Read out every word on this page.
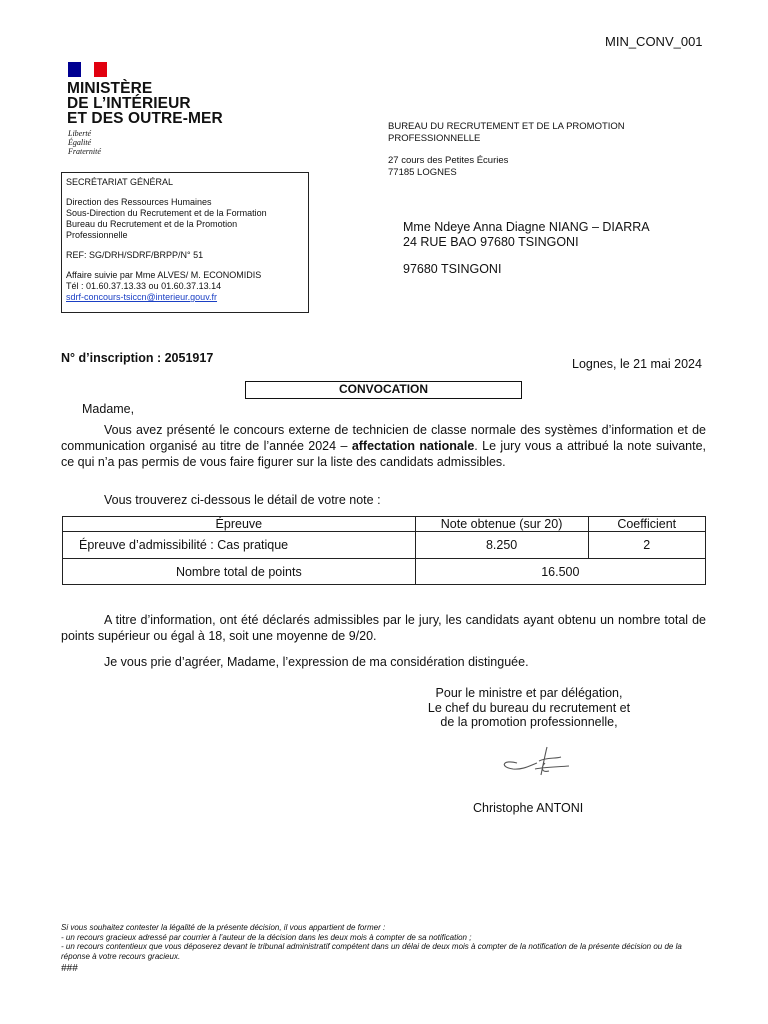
MIN_CONV_001
MINISTÈRE
DE L’INTÉRIEUR
ET DES OUTRE-MER
Liberté
Égalité
Fraternité
BUREAU DU RECRUTEMENT ET DE LA PROMOTION
PROFESSIONNELLE
27 cours des Petites Écuries
77185 LOGNES
SECRÉTARIAT GÉNÉRAL
Direction des Ressources Humaines
Sous-Direction du Recrutement et de la Formation
Bureau du Recrutement et de la Promotion
Professionnelle
REF: SG/DRH/SDRF/BRPP/N° 51
Affaire suivie par Mme ALVES/ M. ECONOMIDIS
Tél : 01.60.37.13.33 ou 01.60.37.13.14
sdrf-concours-tsiccn@interieur.gouv.fr
Mme Ndeye Anna Diagne NIANG – DIARRA
24 RUE BAO 97680 TSINGONI
97680 TSINGONI
N° d’inscription : 2051917	Lognes, le 21 mai 2024
CONVOCATION
Madame,
Vous avez présenté le concours externe de technicien de classe normale des systèmes d’information et de communication organisé au titre de l’année 2024 – affectation nationale. Le jury vous a attribué la note suivante, ce qui n’a pas permis de vous faire figurer sur la liste des candidats admissibles.
Vous trouverez ci-dessous le détail de votre note :
Épreuve	Note obtenue (sur 20)	Coefficient
Épreuve d’admissibilité : Cas pratique	8.250	2
Nombre total de points	16.500	
A titre d’information, ont été déclarés admissibles par le jury, les candidats ayant obtenu un nombre total de points supérieur ou égal à 18, soit une moyenne de 9/20.
Je vous prie d’agréer, Madame, l’expression de ma considération distinguée.
Pour le ministre et par délégation,
Le chef du bureau du recrutement et
de la promotion professionnelle,
Christophe ANTONI
Si vous souhaitez contester la légalité de la présente décision, il vous appartient de former :
- un recours gracieux adressé par courrier à l’auteur de la décision dans les deux mois à compter de sa notification ;
- un recours contentieux que vous déposerez devant le tribunal administratif compétent dans un délai de deux mois à compter de la notification de la présente décision ou de la réponse à votre recours gracieux.
###
